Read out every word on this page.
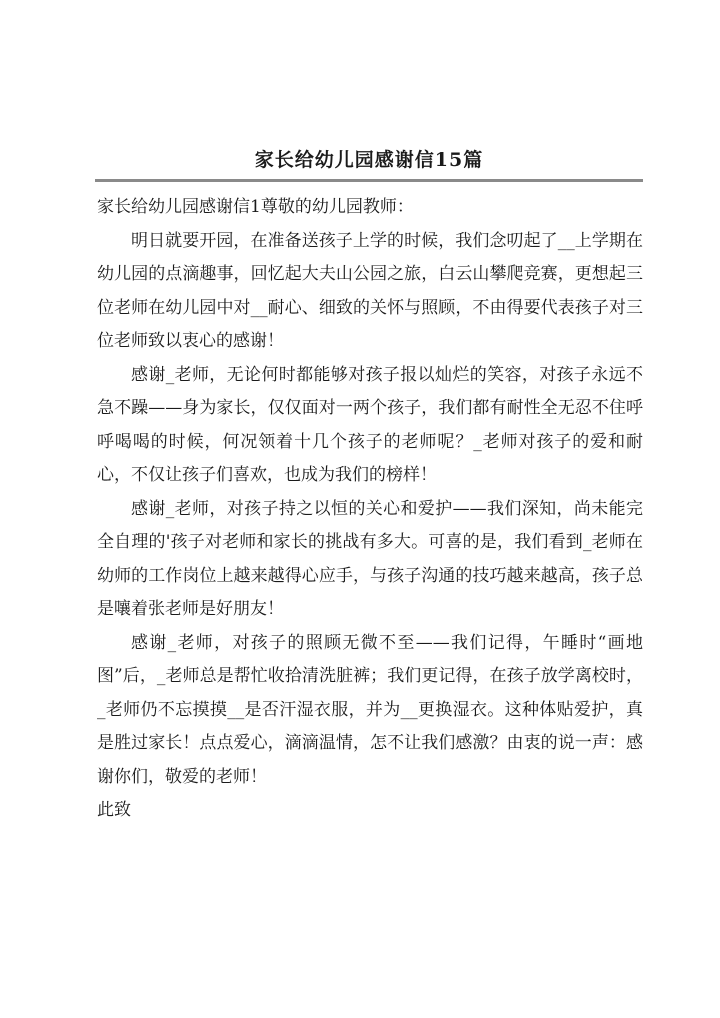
家长给幼儿园感谢信15篇

家长给幼儿园感谢信1尊敬的幼儿园教师：

明日就要开园，在准备送孩子上学的时候，我们念叨起了__上学期在幼儿园的点滴趣事，回忆起大夫山公园之旅，白云山攀爬竞赛，更想起三位老师在幼儿园中对__耐心、细致的关怀与照顾，不由得要代表孩子对三位老师致以衷心的感谢！

感谢_老师，无论何时都能够对孩子报以灿烂的笑容，对孩子永远不急不躁——身为家长，仅仅面对一两个孩子，我们都有耐性全无忍不住呼呼喝喝的时候，何况领着十几个孩子的老师呢？_老师对孩子的爱和耐心，不仅让孩子们喜欢，也成为我们的榜样！

感谢_老师，对孩子持之以恒的关心和爱护——我们深知，尚未能完全自理的'孩子对老师和家长的挑战有多大。可喜的是，我们看到_老师在幼师的工作岗位上越来越得心应手，与孩子沟通的技巧越来越高，孩子总是嚷着张老师是好朋友！

感谢_老师，对孩子的照顾无微不至——我们记得，午睡时“画地图”后，_老师总是帮忙收拾清洗脏裤；我们更记得，在孩子放学离校时，_老师仍不忘摸摸__是否汗湿衣服，并为__更换湿衣。这种体贴爱护，真是胜过家长！点点爱心，滴滴温情，怎不让我们感激？由衷的说一声：感谢你们，敬爱的老师！

此致
